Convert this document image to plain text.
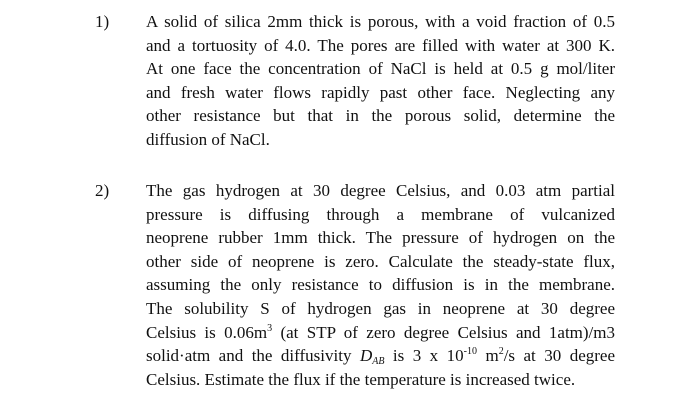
1) A solid of silica 2mm thick is porous, with a void fraction of 0.5
and a tortuosity of 4.0. The pores are filled with water at 300 K.
At one face the concentration of NaCl is held at 0.5 g mol/liter
and fresh water flows rapidly past other face. Neglecting any
other resistance but that in the porous solid, determine the
diffusion of NaCl.
2) The gas hydrogen at 30 degree Celsius, and 0.03 atm partial
pressure is diffusing through a membrane of vulcanized
neoprene rubber 1mm thick. The pressure of hydrogen on the
other side of neoprene is zero. Calculate the steady-state flux,
assuming the only resistance to diffusion is in the membrane.
The solubility S of hydrogen gas in neoprene at 30 degree
Celsius is $0.06m^3$ (at STP of zero degree Celsius and 1atm)/m3
solid·atm and the diffusivity $D_{AB}$ is 3 x $10^{-10}$ $m^2/s$ at 30 degree
Celsius. Estimate the flux if the temperature is increased twice.
